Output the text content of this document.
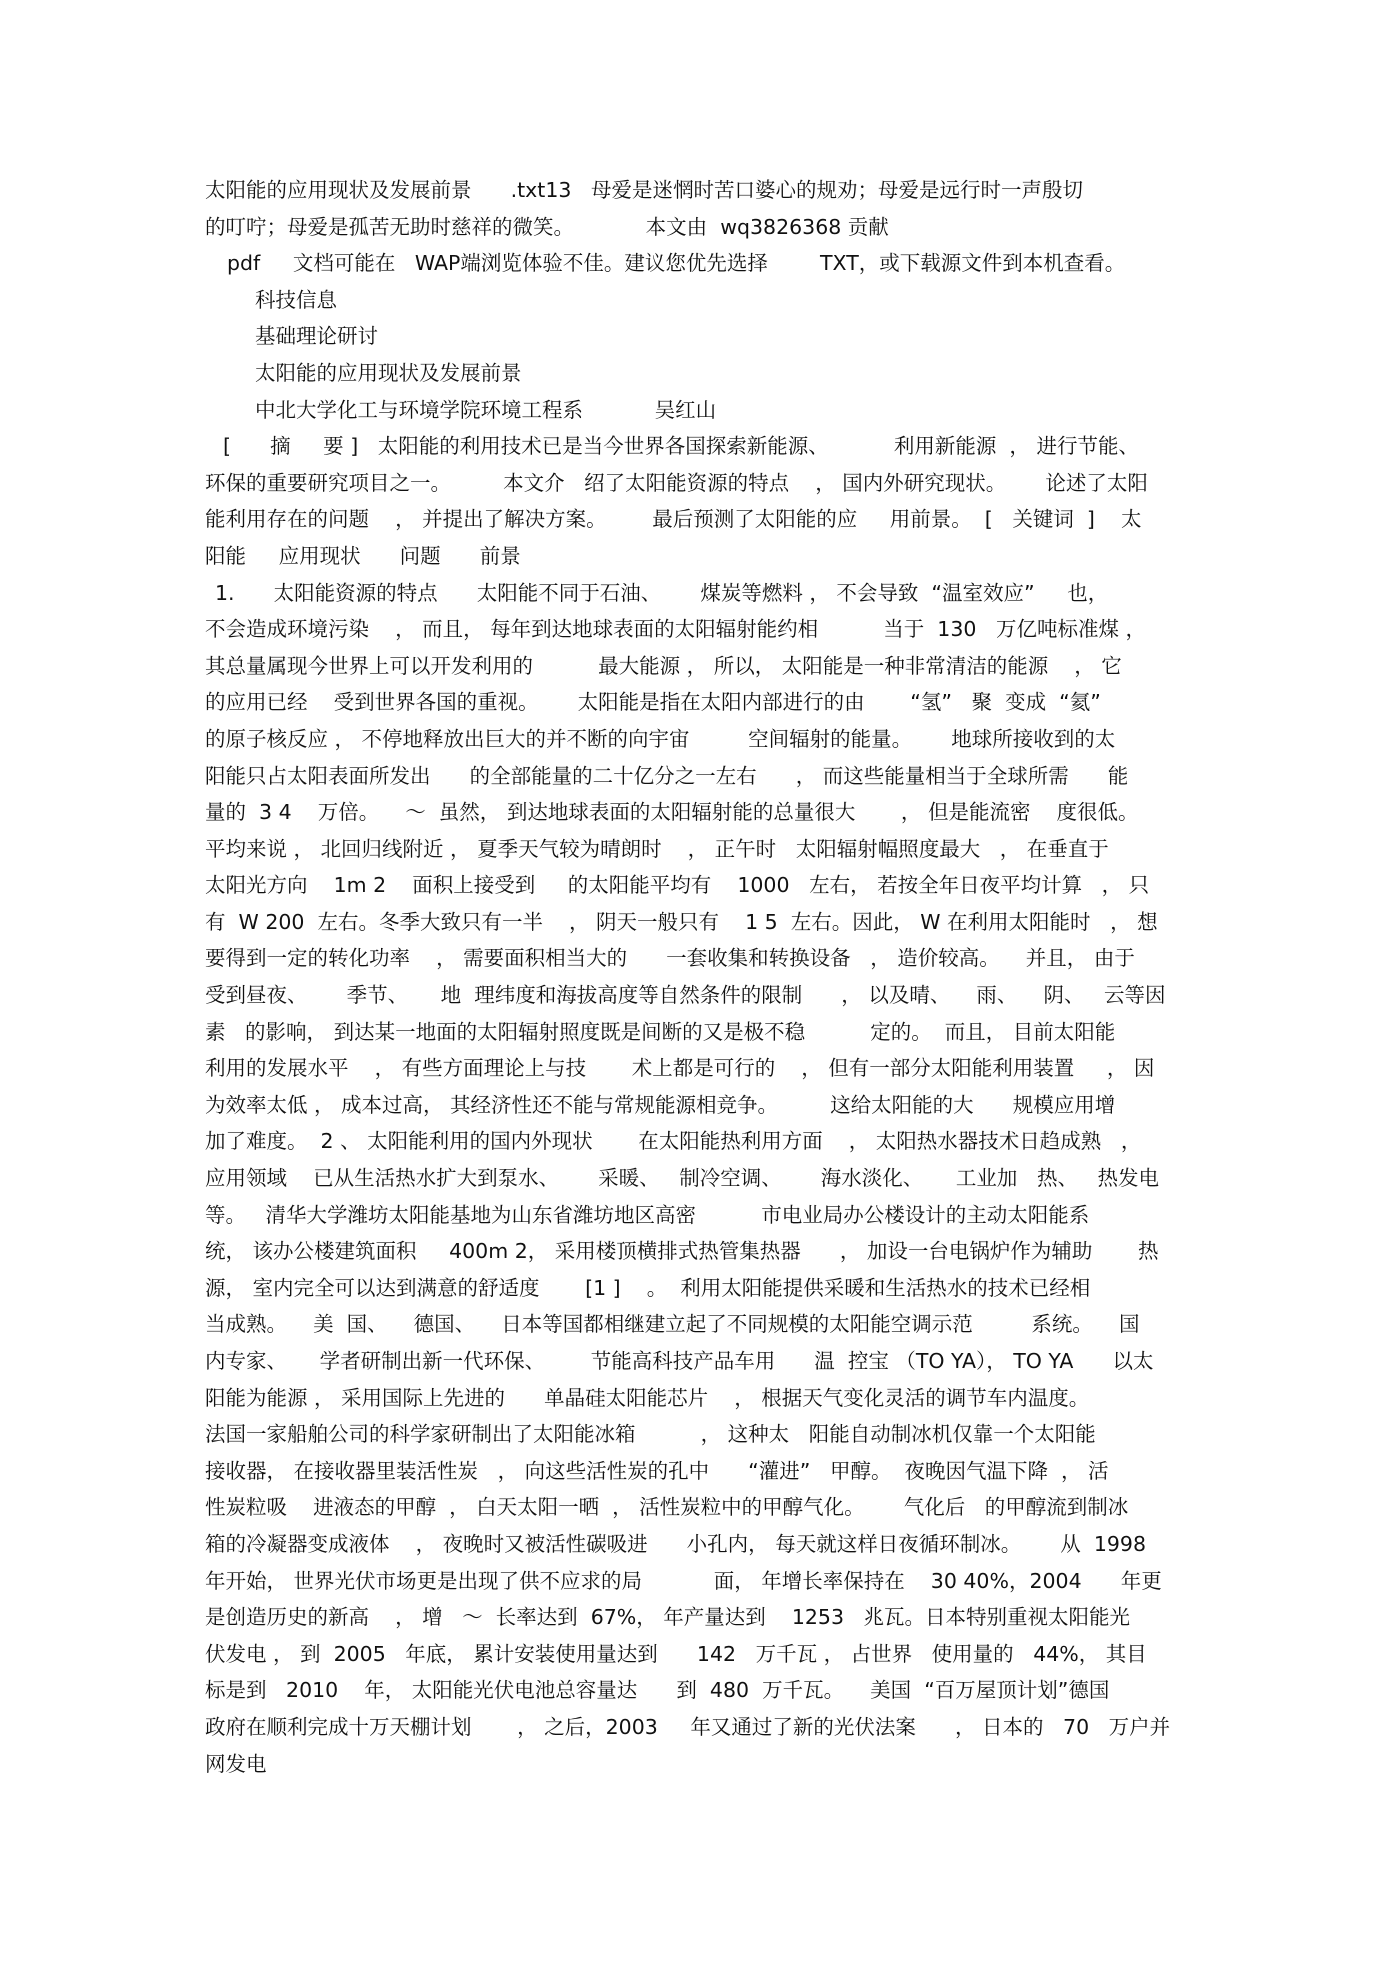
太阳能的应用现状及发展前景      .txt13   母爱是迷惘时苦口婆心的规劝；母爱是远行时一声殷切
的叮咛；母爱是孤苦无助时慈祥的微笑。           本文由  wq3826368 贡献
pdf     文档可能在   WAP端浏览体验不佳。建议您优先选择        TXT，或下载源文件到本机查看。
科技信息
基础理论研讨
太阳能的应用现状及发展前景
中北大学化工与环境学院环境工程系           吴红山
[      摘     要 ]   太阳能的利用技术已是当今世界各国探索新能源、          利用新能源  ， 进行节能、
环保的重要研究项目之一。        本文介   绍了太阳能资源的特点    ， 国内外研究现状。      论述了太阳
能利用存在的问题    ， 并提出了解决方案。       最后预测了太阳能的应     用前景。  [   关键词  ]    太
阳能     应用现状      问题      前景
1.      太阳能资源的特点      太阳能不同于石油、      煤炭等燃料 ， 不会导致  “温室效应”     也，
不会造成环境污染    ， 而且， 每年到达地球表面的太阳辐射能约相          当于  130   万亿吨标准煤 ，
其总量属现今世界上可以开发利用的          最大能源 ， 所以， 太阳能是一种非常清洁的能源    ， 它
的应用已经    受到世界各国的重视。      太阳能是指在太阳内部进行的由       “氢”   聚  变成  “氦”
的原子核反应 ， 不停地释放出巨大的并不断的向宇宙         空间辐射的能量。      地球所接收到的太
阳能只占太阳表面所发出      的全部能量的二十亿分之一左右      ， 而这些能量相当于全球所需      能
量的  3 4    万倍。    ～  虽然， 到达地球表面的太阳辐射能的总量很大       ， 但是能流密    度很低。
平均来说 ， 北回归线附近 ， 夏季天气较为晴朗时    ， 正午时   太阳辐射幅照度最大   ， 在垂直于
太阳光方向    1m 2    面积上接受到     的太阳能平均有    1000   左右， 若按全年日夜平均计算   ， 只
有  W 200  左右。冬季大致只有一半    ， 阴天一般只有    1 5  左右。因此， W 在利用太阳能时   ， 想
要得到一定的转化功率    ， 需要面积相当大的      一套收集和转换设备   ， 造价较高。    并且， 由于
受到昼夜、      季节、     地  理纬度和海拔高度等自然条件的限制      ， 以及晴、    雨、    阴、   云等因
素   的影响， 到达某一地面的太阳辐射照度既是间断的又是极不稳          定的。  而且， 目前太阳能
利用的发展水平    ， 有些方面理论上与技       术上都是可行的    ， 但有一部分太阳能利用装置     ， 因
为效率太低 ， 成本过高， 其经济性还不能与常规能源相竞争。        这给太阳能的大      规模应用增
加了难度。  2 、 太阳能利用的国内外现状       在太阳能热利用方面    ， 太阳热水器技术日趋成熟   ，
应用领域    已从生活热水扩大到泵水、      采暖、   制冷空调、      海水淡化、     工业加   热、   热发电
等。   清华大学潍坊太阳能基地为山东省潍坊地区高密          市电业局办公楼设计的主动太阳能系
统， 该办公楼建筑面积     400m 2， 采用楼顶横排式热管集热器      ， 加设一台电锅炉作为辅助       热
源， 室内完全可以达到满意的舒适度       [1 ]    。  利用太阳能提供采暖和生活热水的技术已经相
当成熟。    美  国、    德国、    日本等国都相继建立起了不同规模的太阳能空调示范         系统。    国
内专家、     学者研制出新一代环保、       节能高科技产品车用      温  控宝 （TO YA）， TO YA      以太
阳能为能源 ， 采用国际上先进的      单晶硅太阳能芯片    ， 根据天气变化灵活的调节车内温度。
法国一家船舶公司的科学家研制出了太阳能冰箱          ， 这种太   阳能自动制冰机仅靠一个太阳能
接收器， 在接收器里装活性炭   ， 向这些活性炭的孔中      “灌进”   甲醇。  夜晚因气温下降  ， 活
性炭粒吸    进液态的甲醇  ， 白天太阳一晒  ， 活性炭粒中的甲醇气化。      气化后   的甲醇流到制冰
箱的冷凝器变成液体    ， 夜晚时又被活性碳吸进      小孔内， 每天就这样日夜循环制冰。      从  1998
年开始， 世界光伏市场更是出现了供不应求的局           面， 年增长率保持在    30 40%，2004      年更
是创造历史的新高    ， 增   ～  长率达到  67%， 年产量达到    1253   兆瓦。日本特别重视太阳能光
伏发电 ， 到  2005   年底， 累计安装使用量达到      142   万千瓦 ， 占世界   使用量的   44%， 其目
标是到   2010    年， 太阳能光伏电池总容量达      到  480  万千瓦。    美国  “百万屋顶计划”德国
政府在顺利完成十万天棚计划       ， 之后，2003     年又通过了新的光伏法案      ， 日本的   70   万户并
网发电
